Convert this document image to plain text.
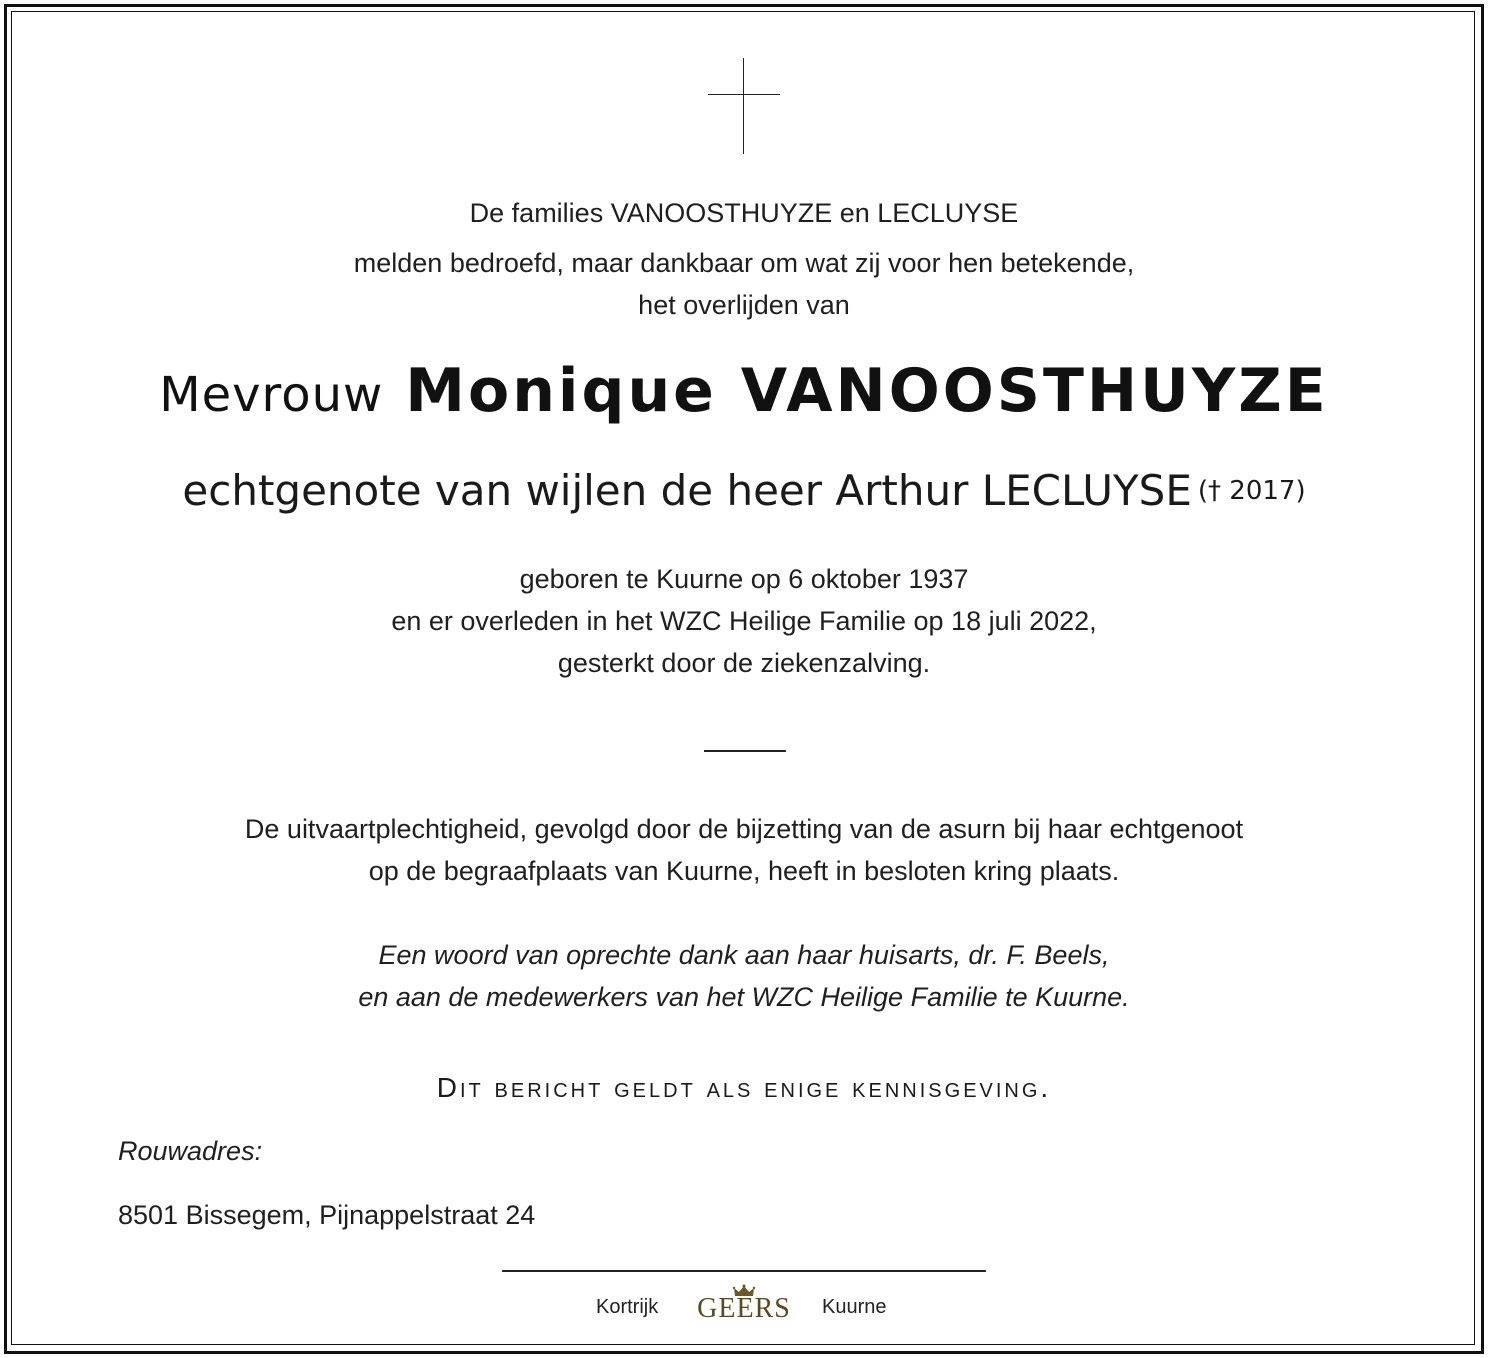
De families VANOOSTHUYZE en LECLUYSE
melden bedroefd, maar dankbaar om wat zij voor hen betekende,
het overlijden van
Mevrouw Monique VANOOSTHUYZE
echtgenote van wijlen de heer Arthur LECLUYSE († 2017)
geboren te Kuurne op 6 oktober 1937
en er overleden in het WZC Heilige Familie op 18 juli 2022,
gesterkt door de ziekenzalving.
De uitvaartplechtigheid, gevolgd door de bijzetting van de asurn bij haar echtgenoot
op de begraafplaats van Kuurne, heeft in besloten kring plaats.
Een woord van oprechte dank aan haar huisarts, dr. F. Beels,
en aan de medewerkers van het WZC Heilige Familie te Kuurne.
Dit bericht geldt als enige kennisgeving.
Rouwadres:
8501 Bissegem, Pijnappelstraat 24
Kortrijk GEERS Kuurne
